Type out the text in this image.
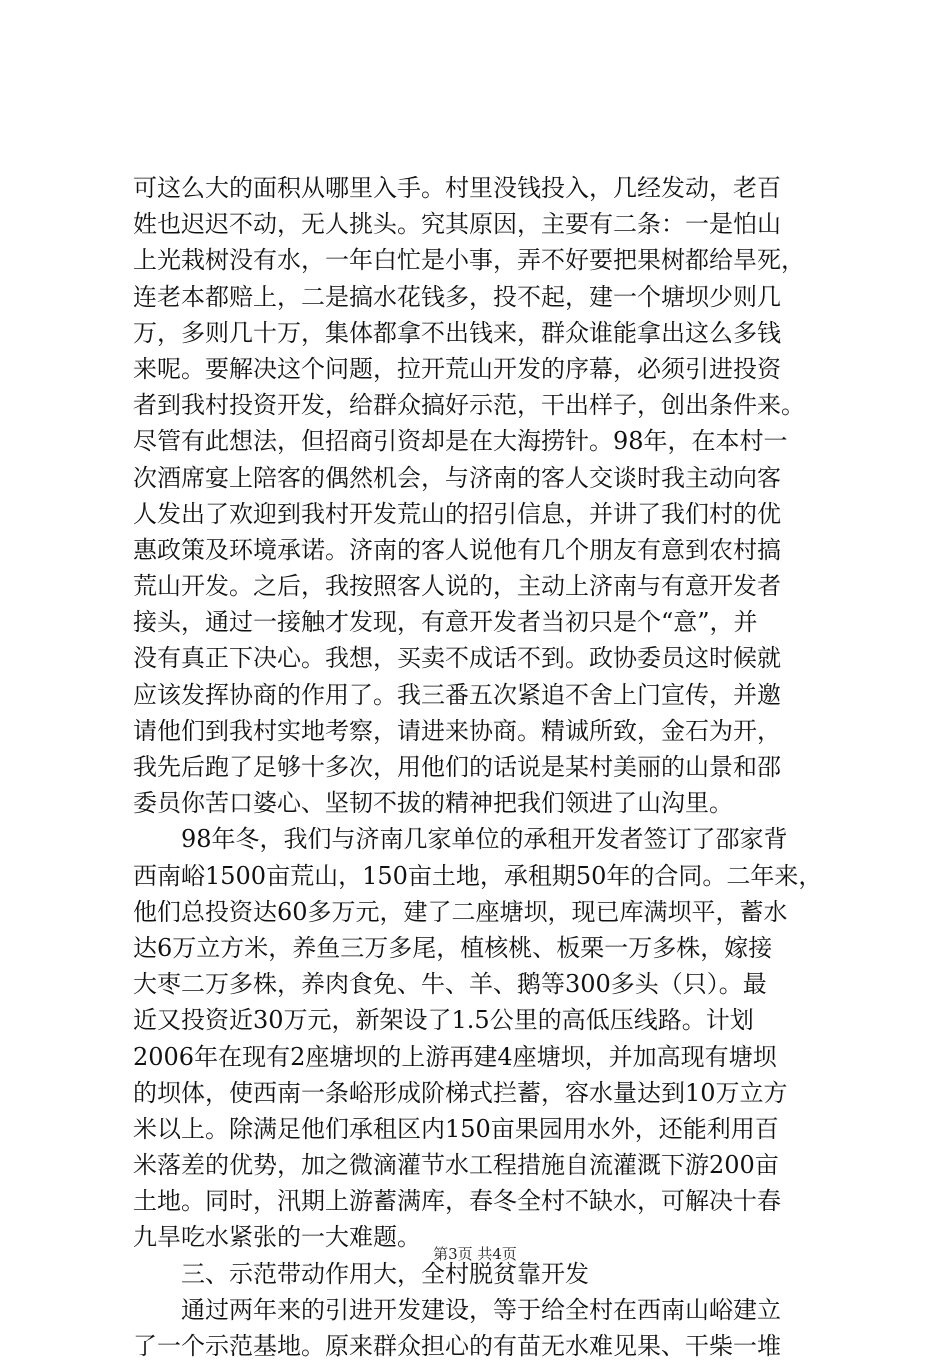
可这么大的面积从哪里入手。村里没钱投入，几经发动，老百
姓也迟迟不动，无人挑头。究其原因，主要有二条：一是怕山
上光栽树没有水，一年白忙是小事，弄不好要把果树都给旱死，
连老本都赔上，二是搞水花钱多，投不起，建一个塘坝少则几
万，多则几十万，集体都拿不出钱来，群众谁能拿出这么多钱
来呢。要解决这个问题，拉开荒山开发的序幕，必须引进投资
者到我村投资开发，给群众搞好示范，干出样子，创出条件来。
尽管有此想法，但招商引资却是在大海捞针。98年，在本村一
次酒席宴上陪客的偶然机会，与济南的客人交谈时我主动向客
人发出了欢迎到我村开发荒山的招引信息，并讲了我们村的优
惠政策及环境承诺。济南的客人说他有几个朋友有意到农村搞
荒山开发。之后，我按照客人说的，主动上济南与有意开发者
接头，通过一接触才发现，有意开发者当初只是个“意”，并
没有真正下决心。我想，买卖不成话不到。政协委员这时候就
应该发挥协商的作用了。我三番五次紧追不舍上门宣传，并邀
请他们到我村实地考察，请进来协商。精诚所致，金石为开，
我先后跑了足够十多次，用他们的话说是某村美丽的山景和邵
委员你苦口婆心、坚韧不拔的精神把我们领进了山沟里。
98年冬，我们与济南几家单位的承租开发者签订了邵家背
西南峪1500亩荒山，150亩土地，承租期50年的合同。二年来，
他们总投资达60多万元，建了二座塘坝，现已库满坝平，蓄水
达6万立方米，养鱼三万多尾，植核桃、板栗一万多株，嫁接
大枣二万多株，养肉食免、牛、羊、鹅等300多头（只）。最
近又投资近30万元，新架设了1.5公里的高低压线路。计划
2006年在现有2座塘坝的上游再建4座塘坝，并加高现有塘坝
的坝体，使西南一条峪形成阶梯式拦蓄，容水量达到10万立方
米以上。除满足他们承租区内150亩果园用水外，还能利用百
米落差的优势，加之微滴灌节水工程措施自流灌溉下游200亩
土地。同时，汛期上游蓄满库，春冬全村不缺水，可解决十春
九旱吃水紧张的一大难题。
三、示范带动作用大，全村脱贫靠开发
通过两年来的引进开发建设，等于给全村在西南山峪建立
了一个示范基地。原来群众担心的有苗无水难见果、干柴一堆
第3页 共4页
